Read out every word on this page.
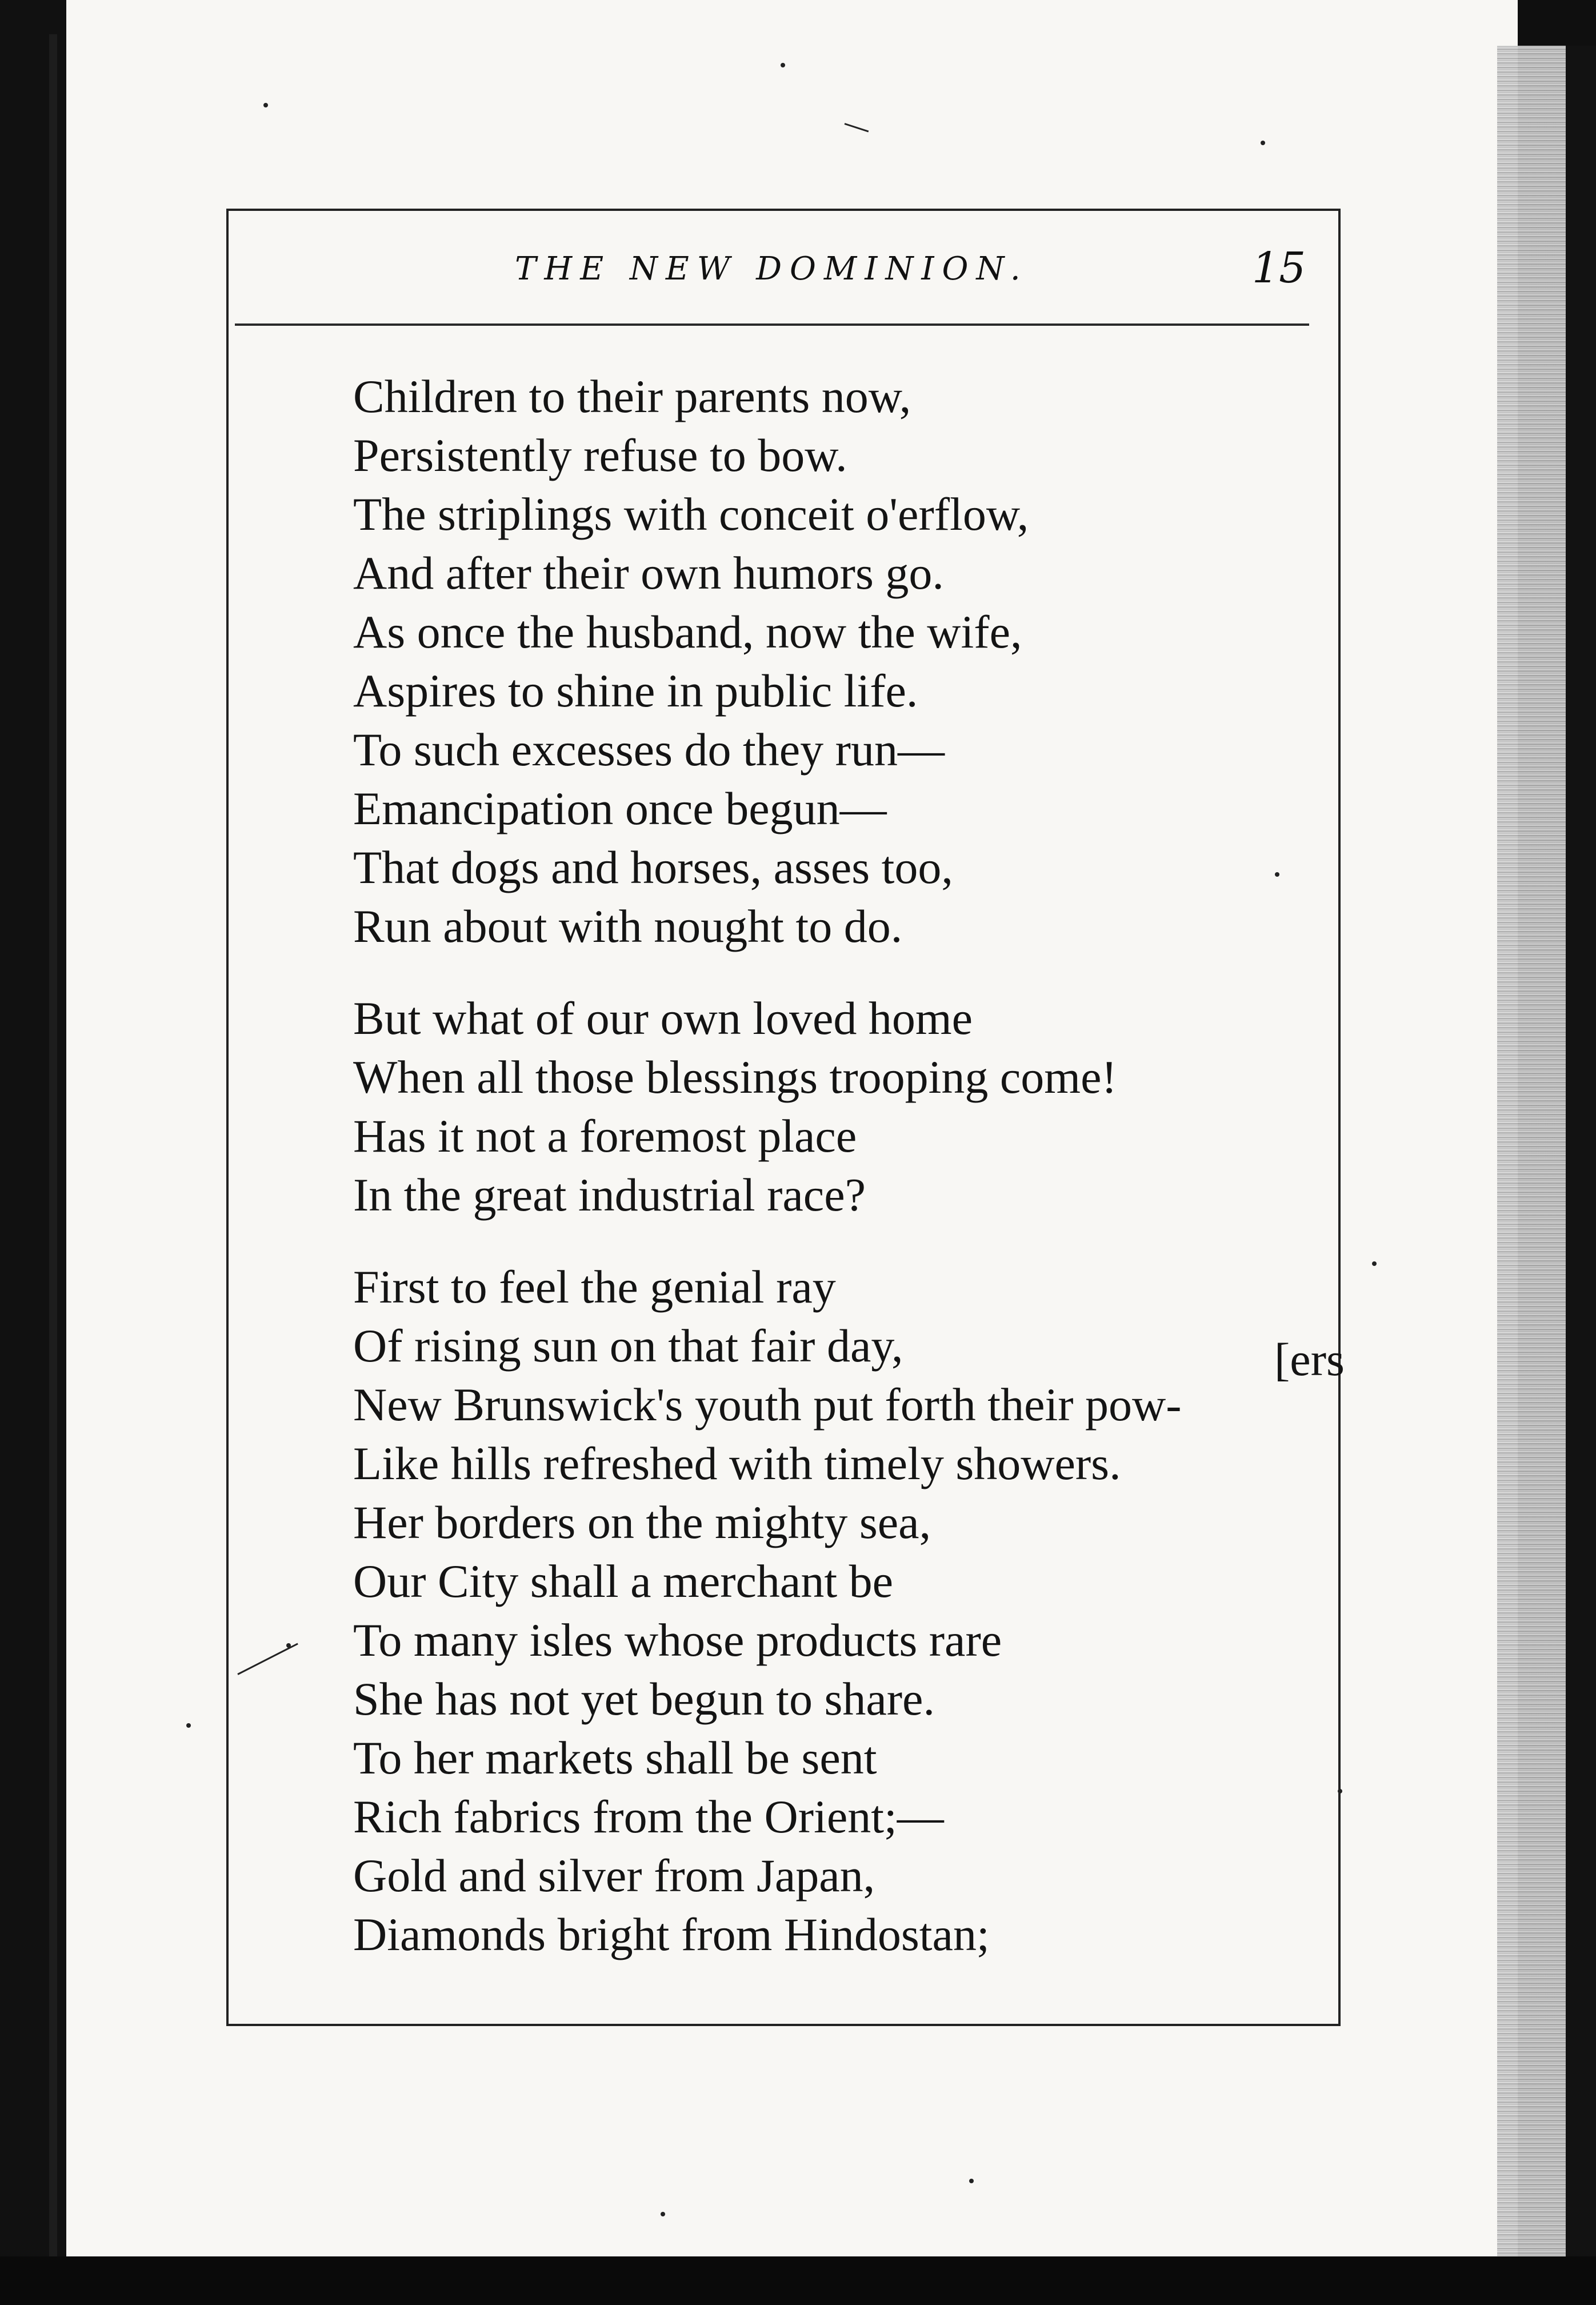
THE NEW DOMINION.	15
Children to their parents now,
Persistently refuse to bow.
The striplings with conceit o'erflow,
And after their own humors go.
As once the husband, now the wife,
Aspires to shine in public life.
To such excesses do they run—
Emancipation once begun—
That dogs and horses, asses too,
Run about with nought to do.
But what of our own loved home
When all those blessings trooping come!
Has it not a foremost place
In the great industrial race?
First to feel the genial ray
Of rising sun on that fair day,
New Brunswick's youth put forth their pow-
Like hills refreshed with timely showers.
Her borders on the mighty sea,
Our City shall a merchant be
To many isles whose products rare
She has not yet begun to share.
To her markets shall be sent
Rich fabrics from the Orient;—
Gold and silver from Japan,
Diamonds bright from Hindostan;
[ers
